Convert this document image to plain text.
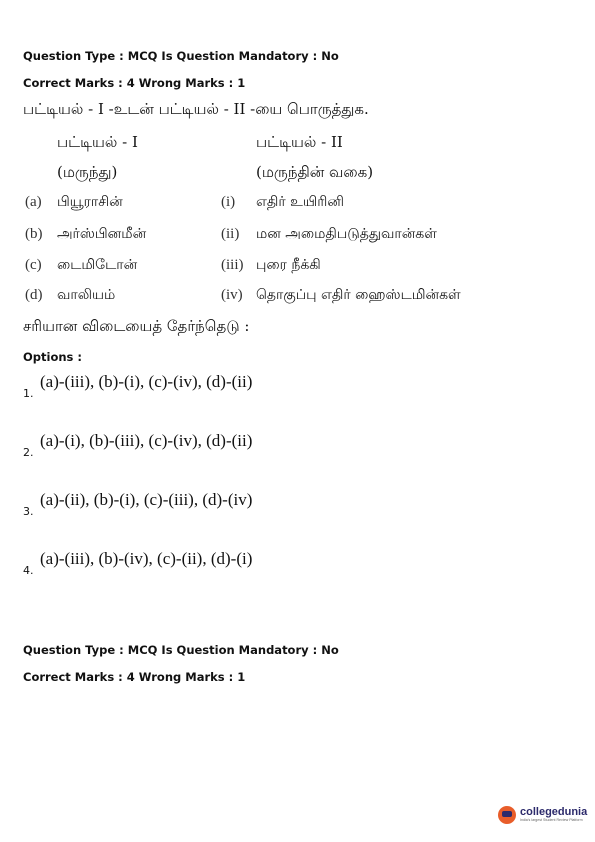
Question Type : MCQ Is Question Mandatory : No
Correct Marks : 4 Wrong Marks : 1
பட்டியல் - I -உடன் பட்டியல் - II -யை பொருத்துக.
பட்டியல் - I	பட்டியல் - II
(மருந்து)	(மருந்தின் வகை)
(a) பியூராசின்	(i) எதிர் உயிரினி
(b) அர்ஸ்பினமீன்	(ii) மன அமைதிபடுத்துவான்கள்
(c) டைமிடோன்	(iii) புரை நீக்கி
(d) வாலியம்	(iv) தொகுப்பு எதிர் ஹைஸ்டமின்கள்
சரியான விடையைத் தேர்ந்தெடு :
Options :
1.
(a)-(iii), (b)-(i), (c)-(iv), (d)-(ii)
2.
(a)-(i), (b)-(iii), (c)-(iv), (d)-(ii)
3.
(a)-(ii), (b)-(i), (c)-(iii), (d)-(iv)
4.
(a)-(iii), (b)-(iv), (c)-(ii), (d)-(i)
Question Type : MCQ Is Question Mandatory : No
Correct Marks : 4 Wrong Marks : 1
collegedunia
India's largest Student Review Platform
